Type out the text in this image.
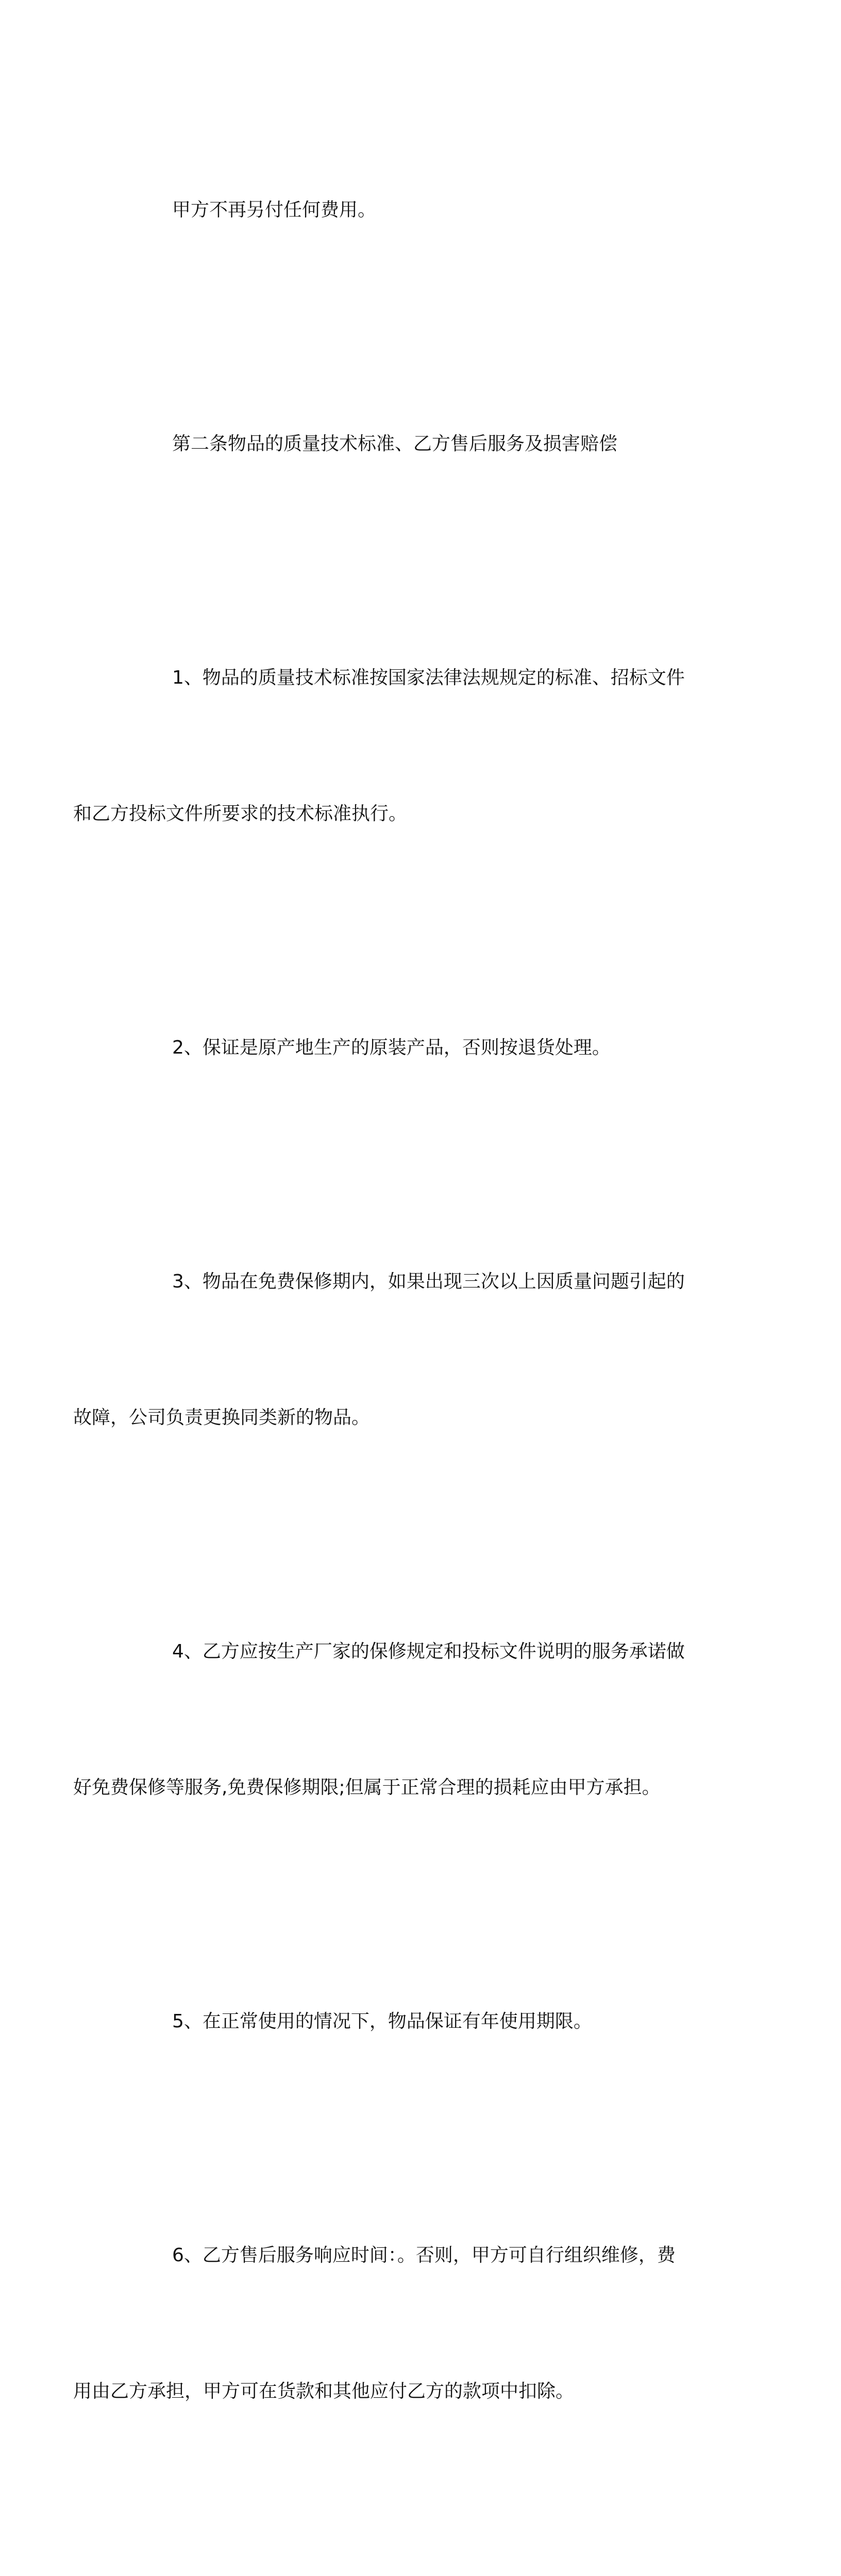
甲方不再另付任何费用。

第二条物品的质量技术标准、乙方售后服务及损害赔偿

1、物品的质量技术标准按国家法律法规规定的标准、招标文件

和乙方投标文件所要求的技术标准执行。

2、保证是原产地生产的原装产品，否则按退货处理。

3、物品在免费保修期内，如果出现三次以上因质量问题引起的

故障，公司负责更换同类新的物品。

4、乙方应按生产厂家的保修规定和投标文件说明的服务承诺做

好免费保修等服务,免费保修期限;但属于正常合理的损耗应由甲方承担。

5、在正常使用的情况下，物品保证有年使用期限。

6、乙方售后服务响应时间：。否则，甲方可自行组织维修，费

用由乙方承担，甲方可在货款和其他应付乙方的款项中扣除。
